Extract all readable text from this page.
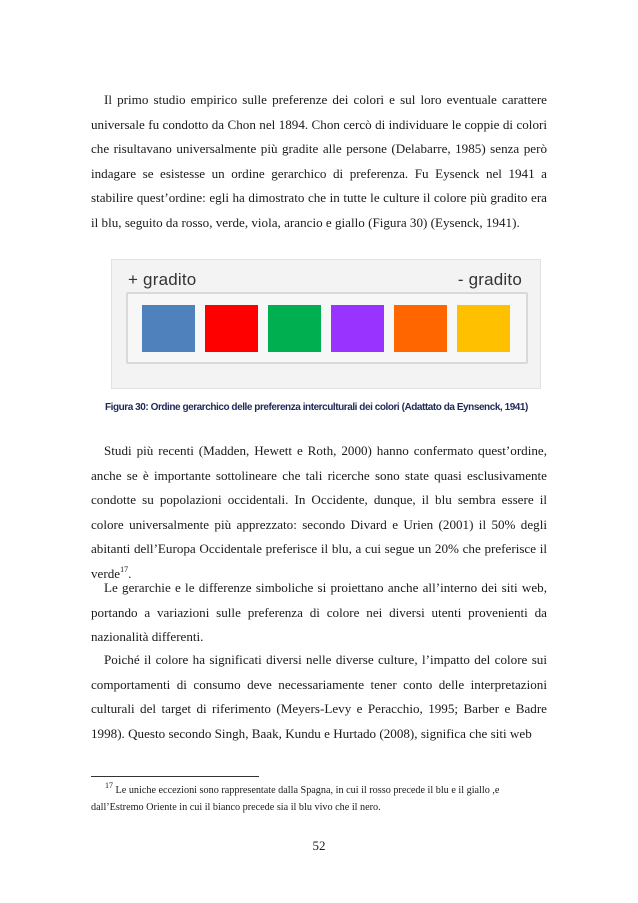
Il primo studio empirico sulle preferenze dei colori e sul loro eventuale carattere universale fu condotto da Chon nel 1894. Chon cercò di individuare le coppie di colori che risultavano universalmente più gradite alle persone (Delabarre, 1985) senza però indagare se esistesse un ordine gerarchico di preferenza. Fu Eysenck nel 1941 a stabilire quest’ordine: egli ha dimostrato che in tutte le culture il colore più gradito era il blu, seguito da rosso, verde, viola, arancio e giallo (Figura 30) (Eysenck, 1941).

+ gradito	- gradito
Figura 30: Ordine gerarchico delle preferenza interculturali dei colori (Adattato da Eynsenck, 1941)

Studi più recenti (Madden, Hewett e Roth, 2000) hanno confermato quest’ordine, anche se è importante sottolineare che tali ricerche sono state quasi esclusivamente condotte su popolazioni occidentali. In Occidente, dunque, il blu sembra essere il colore universalmente più apprezzato: secondo Divard e Urien (2001) il 50% degli abitanti dell’Europa Occidentale preferisce il blu, a cui segue un 20% che preferisce il verde$^{17}$.

Le gerarchie e le differenze simboliche si proiettano anche all’interno dei siti web, portando a variazioni sulle preferenza di colore nei diversi utenti provenienti da nazionalità differenti.

Poiché il colore ha significati diversi nelle diverse culture, l’impatto del colore sui comportamenti di consumo deve necessariamente tener conto delle interpretazioni culturali del target di riferimento (Meyers-Levy e Peracchio, 1995; Barber e Badre 1998). Questo secondo Singh, Baak, Kundu e Hurtado (2008), significa che siti web

$^{17}$ Le uniche eccezioni sono rappresentate dalla Spagna, in cui il rosso precede il blu e il giallo ,e
dall’Estremo Oriente in cui il bianco precede sia il blu vivo che il nero.
52
